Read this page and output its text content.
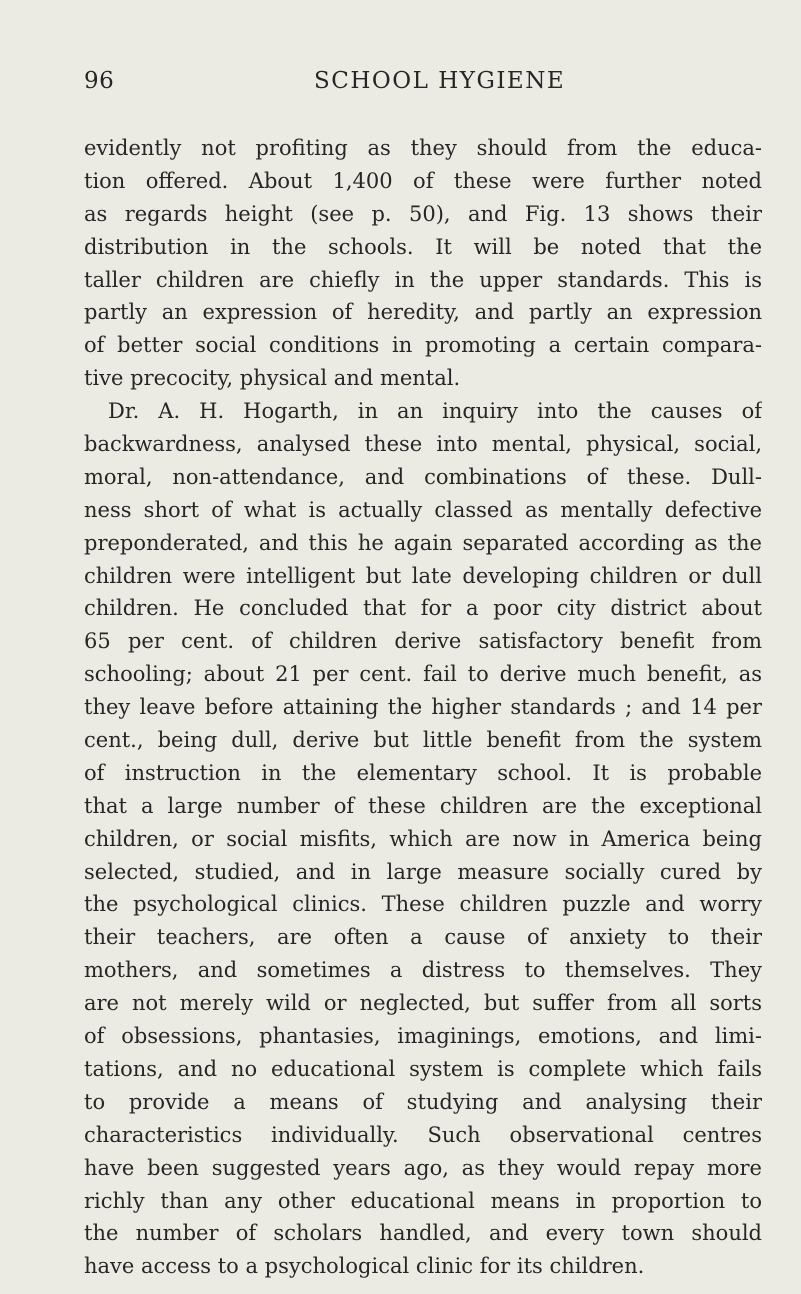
96	SCHOOL HYGIENE
evidently not profiting as they should from the educa-
tion offered. About 1,400 of these were further noted
as regards height (see p. 50), and Fig. 13 shows their
distribution in the schools. It will be noted that the
taller children are chiefly in the upper standards. This is
partly an expression of heredity, and partly an expression
of better social conditions in promoting a certain compara-
tive precocity, physical and mental.
Dr. A. H. Hogarth, in an inquiry into the causes of
backwardness, analysed these into mental, physical, social,
moral, non-attendance, and combinations of these. Dull-
ness short of what is actually classed as mentally defective
preponderated, and this he again separated according as the
children were intelligent but late developing children or dull
children. He concluded that for a poor city district about
65 per cent. of children derive satisfactory benefit from
schooling; about 21 per cent. fail to derive much benefit, as
they leave before attaining the higher standards ; and 14 per
cent., being dull, derive but little benefit from the system
of instruction in the elementary school. It is probable
that a large number of these children are the exceptional
children, or social misfits, which are now in America being
selected, studied, and in large measure socially cured by
the psychological clinics. These children puzzle and worry
their teachers, are often a cause of anxiety to their
mothers, and sometimes a distress to themselves. They
are not merely wild or neglected, but suffer from all sorts
of obsessions, phantasies, imaginings, emotions, and limi-
tations, and no educational system is complete which fails
to provide a means of studying and analysing their
characteristics individually. Such observational centres
have been suggested years ago, as they would repay more
richly than any other educational means in proportion to
the number of scholars handled, and every town should
have access to a psychological clinic for its children.
